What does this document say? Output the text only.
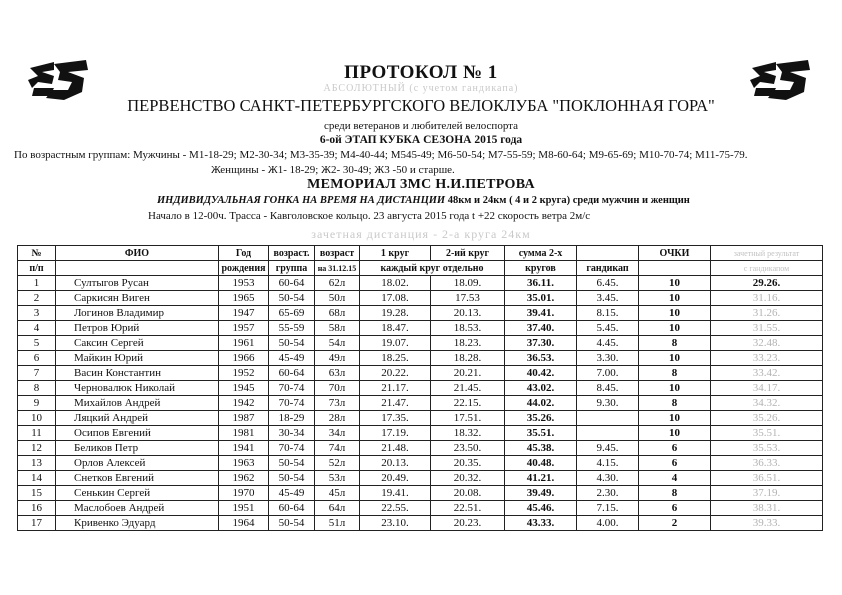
ПРОТОКОЛ № 1
АБСОЛЮТНЫЙ (с учетом гандикапа)
ПЕРВЕНСТВО САНКТ-ПЕТЕРБУРГСКОГО ВЕЛОКЛУБА "ПОКЛОННАЯ ГОРА"
среди ветеранов и любителей велоспорта
6-ой ЭТАП КУБКА СЕЗОНА 2015 года
По возрастным группам: Мужчины - М1-18-29; М2-30-34; М3-35-39; М4-40-44; М545-49; М6-50-54; М7-55-59; М8-60-64; М9-65-69; М10-70-74; М11-75-79.
Женщины - Ж1- 18-29; Ж2- 30-49; Ж3 -50 и старше.
МЕМОРИАЛ ЗМС Н.И.ПЕТРОВА
ИНДИВИДУАЛЬНАЯ ГОНКА НА ВРЕМЯ НА ДИСТАНЦИИ 48км и 24км ( 4 и 2 круга) среди мужчин и женщин
Начало в 12-00ч. Трасса - Кавголовское кольцо. 23 августа 2015 года t +22 скорость ветра 2м/с
зачетная дистанция - 2-а круга 24км
№	ФИО	Год	возраст.	возраст	1 круг	2-ий круг	сумма 2-х		ОЧКИ	зачетный результат
п/п		рождения	группа	на 31.12.15	каждый круг отдельно		кругов	гандикап		с гандикапом
1	Султыгов Русан	1953	60-64	62л	18.02.	18.09.	36.11.	6.45.	10	29.26.
2	Саркисян Виген	1965	50-54	50л	17.08.	17.53	35.01.	3.45.	10	31.16.
3	Логинов Владимир	1947	65-69	68л	19.28.	20.13.	39.41.	8.15.	10	31.26.
4	Петров Юрий	1957	55-59	58л	18.47.	18.53.	37.40.	5.45.	10	31.55.
5	Саксин Сергей	1961	50-54	54л	19.07.	18.23.	37.30.	4.45.	8	32.48.
6	Майкин Юрий	1966	45-49	49л	18.25.	18.28.	36.53.	3.30.	10	33.23.
7	Васин Константин	1952	60-64	63л	20.22.	20.21.	40.42.	7.00.	8	33.42.
8	Черновалюк Николай	1945	70-74	70л	21.17.	21.45.	43.02.	8.45.	10	34.17.
9	Михайлов Андрей	1942	70-74	73л	21.47.	22.15.	44.02.	9.30.	8	34.32.
10	Ляцкий Андрей	1987	18-29	28л	17.35.	17.51.	35.26.		10	35.26.
11	Осипов Евгений	1981	30-34	34л	17.19.	18.32.	35.51.		10	35.51.
12	Беликов Петр	1941	70-74	74л	21.48.	23.50.	45.38.	9.45.	6	35.53.
13	Орлов Алексей	1963	50-54	52л	20.13.	20.35.	40.48.	4.15.	6	36.33.
14	Снетков Евгений	1962	50-54	53л	20.49.	20.32.	41.21.	4.30.	4	36.51.
15	Сенькин Сергей	1970	45-49	45л	19.41.	20.08.	39.49.	2.30.	8	37.19.
16	Маслобоев Андрей	1951	60-64	64л	22.55.	22.51.	45.46.	7.15.	6	38.31.
17	Кривенко Эдуард	1964	50-54	51л	23.10.	20.23.	43.33.	4.00.	2	39.33.
